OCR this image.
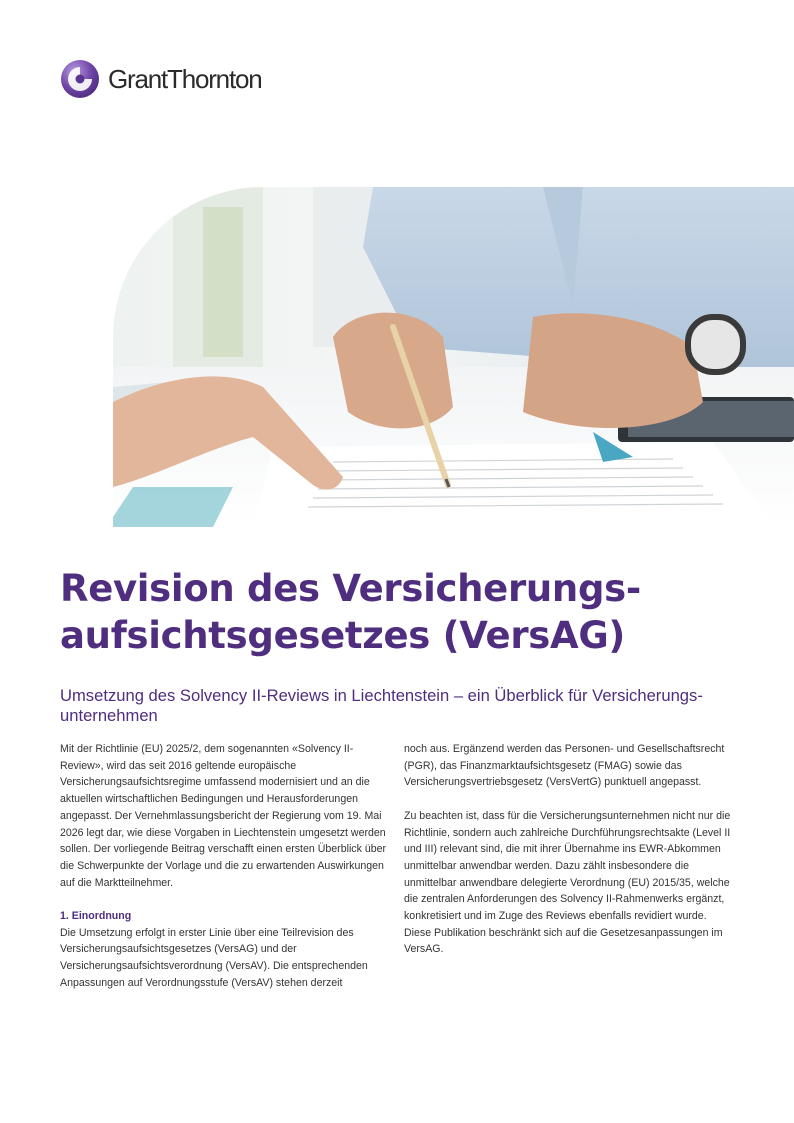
GrantThornton
Revision des Versicherungs-
aufsichtsgesetzes (VersAG)

Umsetzung des Solvency II-Reviews in Liechtenstein – ein Überblick für Versicherungs-unternehmen

Mit der Richtlinie (EU) 2025/2, dem sogenannten «Solvency II-Review», wird das seit 2016 geltende europäische Versicherungsaufsichtsregime umfassend modernisiert und an die aktuellen wirtschaftlichen Bedingungen und Herausforderungen angepasst. Der Vernehmlassungsbericht der Regierung vom 19. Mai 2026 legt dar, wie diese Vorgaben in Liechtenstein umgesetzt werden sollen. Der vorliegende Beitrag verschafft einen ersten Überblick über die Schwerpunkte der Vorlage und die zu erwartenden Auswirkungen auf die Marktteilnehmer.

1. Einordnung

Die Umsetzung erfolgt in erster Linie über eine Teilrevision des Versicherungsaufsichtsgesetzes (VersAG) und der Versicherungsaufsichtsverordnung (VersAV). Die entsprechenden Anpassungen auf Verordnungsstufe (VersAV) stehen derzeit

noch aus. Ergänzend werden das Personen- und Gesellschaftsrecht (PGR), das Finanzmarktaufsichtsgesetz (FMAG) sowie das Versicherungsvertriebsgesetz (VersVertG) punktuell angepasst.

Zu beachten ist, dass für die Versicherungsunternehmen nicht nur die Richtlinie, sondern auch zahlreiche Durchführungsrechtsakte (Level II und III) relevant sind, die mit ihrer Übernahme ins EWR-Abkommen unmittelbar anwendbar werden. Dazu zählt insbesondere die unmittelbar anwendbare delegierte Verordnung (EU) 2015/35, welche die zentralen Anforderungen des Solvency II-Rahmenwerks ergänzt, konkretisiert und im Zuge des Reviews ebenfalls revidiert wurde. Diese Publikation beschränkt sich auf die Gesetzesanpassungen im VersAG.
